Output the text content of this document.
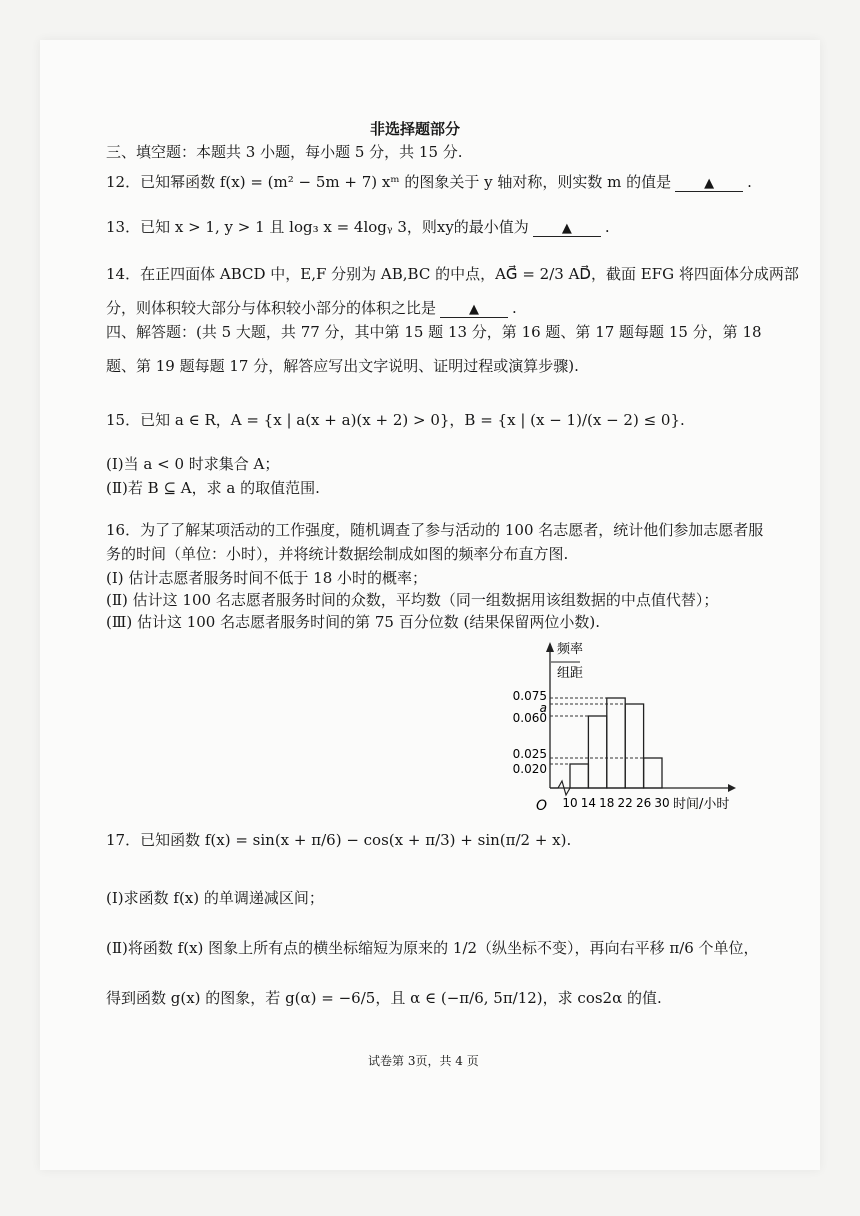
非选择题部分
三、填空题：本题共 3 小题，每小题 5 分，共 15 分.
12．已知幂函数 f(x) = (m² − 5m + 7) xᵐ 的图象关于 y 轴对称，则实数 m 的值是	▲ .
13．已知 x > 1, y > 1 且 log₃ x = 4logᵧ 3，则xy的最小值为	▲ .
14．在正四面体 ABCD 中，E,F 分别为 AB,BC 的中点，AG⃗ = 2/3 AD⃗，截面 EFG 将四面体分成两部
分，则体积较大部分与体积较小部分的体积之比是	▲ .
四、解答题：(共 5 大题，共 77 分，其中第 15 题 13 分，第 16 题、第 17 题每题 15 分，第 18
题、第 19 题每题 17 分，解答应写出文字说明、证明过程或演算步骤).
15．已知 a ∈ R，A = {x | a(x + a)(x + 2) > 0}，B = {x | (x − 1)/(x − 2) ≤ 0}.
(Ⅰ)当 a < 0 时求集合 A；
(Ⅱ)若 B ⊆ A，求 a 的取值范围.
16．为了了解某项活动的工作强度，随机调查了参与活动的 100 名志愿者，统计他们参加志愿者服
务的时间（单位：小时），并将统计数据绘制成如图的频率分布直方图.
(Ⅰ) 估计志愿者服务时间不低于 18 小时的概率；
(Ⅱ) 估计这 100 名志愿者服务时间的众数，平均数（同一组数据用该组数据的中点值代替）；
(Ⅲ) 估计这 100 名志愿者服务时间的第 75 百分位数 (结果保留两位小数).
频率
组距
O	时间/小时
0.075
a
0.060
0.025
0.020
10 14 18 22 26 30
17．已知函数 f(x) = sin(x + π/6) − cos(x + π/3) + sin(π/2 + x).
(Ⅰ)求函数 f(x) 的单调递减区间；
(Ⅱ)将函数 f(x) 图象上所有点的横坐标缩短为原来的 1/2（纵坐标不变），再向右平移 π/6 个单位，
得到函数 g(x) 的图象，若 g(α) = −6/5，且 α ∈ (−π/6, 5π/12)，求 cos2α 的值.
试卷第 3页，共 4 页
